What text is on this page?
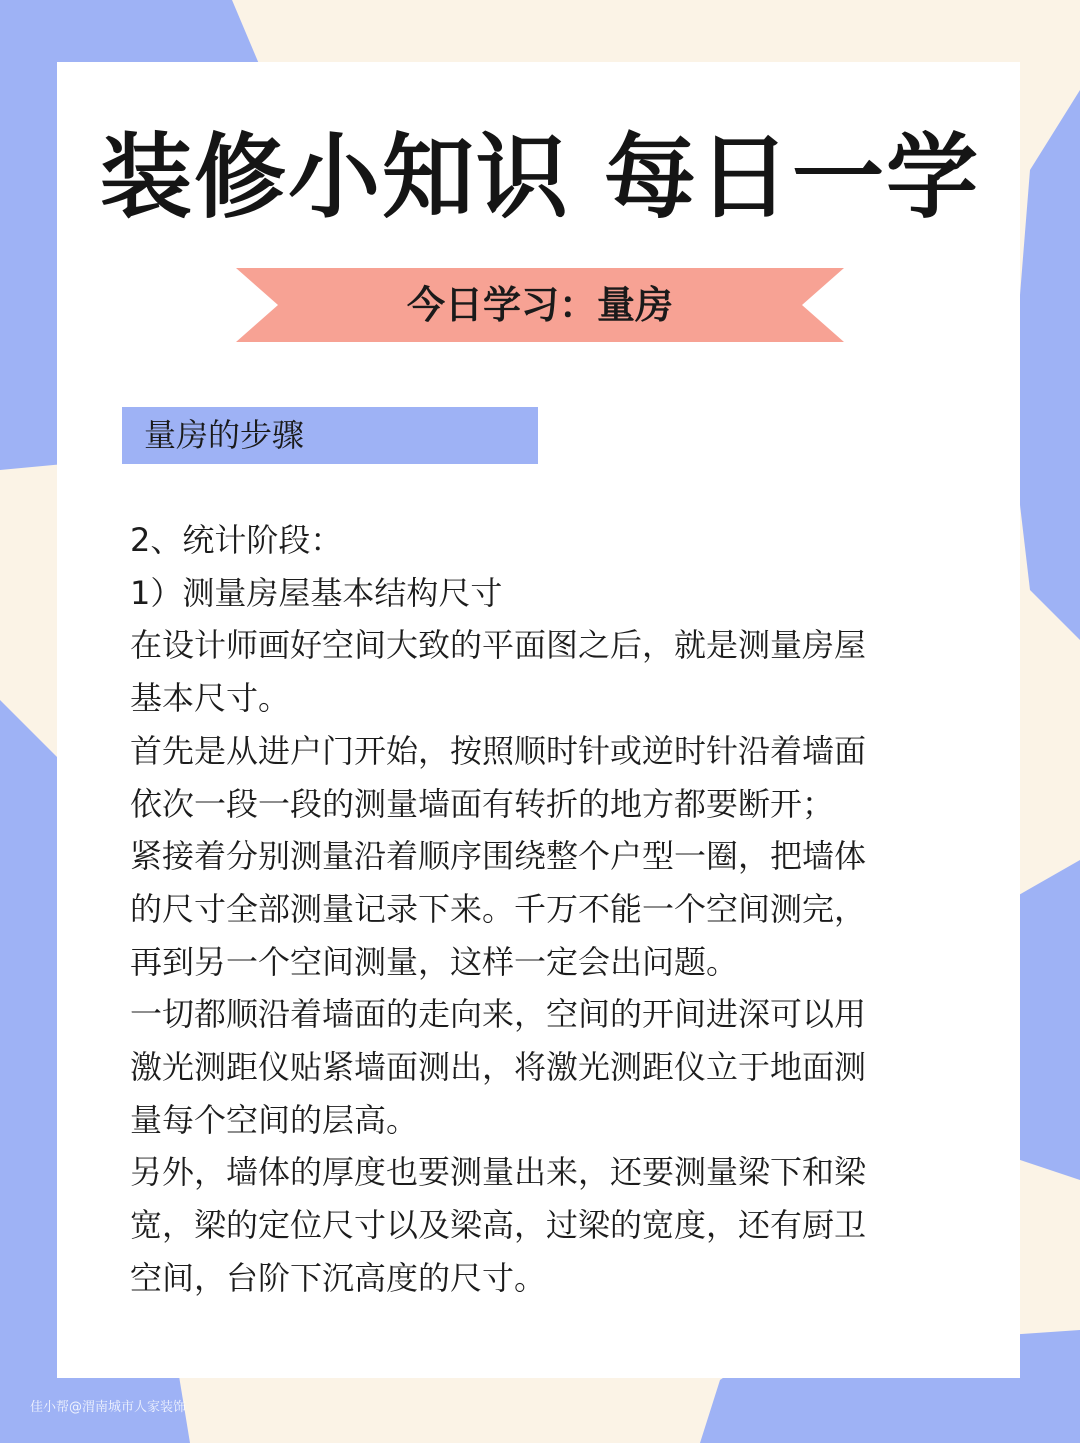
装修小知识 每日一学
今日学习：量房
量房的步骤
2、统计阶段：
1）测量房屋基本结构尺寸
在设计师画好空间大致的平面图之后，就是测量房屋
基本尺寸。
首先是从进户门开始，按照顺时针或逆时针沿着墙面
依次一段一段的测量墙面有转折的地方都要断开；
紧接着分别测量沿着顺序围绕整个户型一圈，把墙体
的尺寸全部测量记录下来。千万不能一个空间测完，
再到另一个空间测量，这样一定会出问题。
一切都顺沿着墙面的走向来，空间的开间进深可以用
激光测距仪贴紧墙面测出，将激光测距仪立于地面测
量每个空间的层高。
另外，墙体的厚度也要测量出来，还要测量梁下和梁
宽，梁的定位尺寸以及梁高，过梁的宽度，还有厨卫
空间，台阶下沉高度的尺寸。
佳小帮@渭南城市人家装饰
